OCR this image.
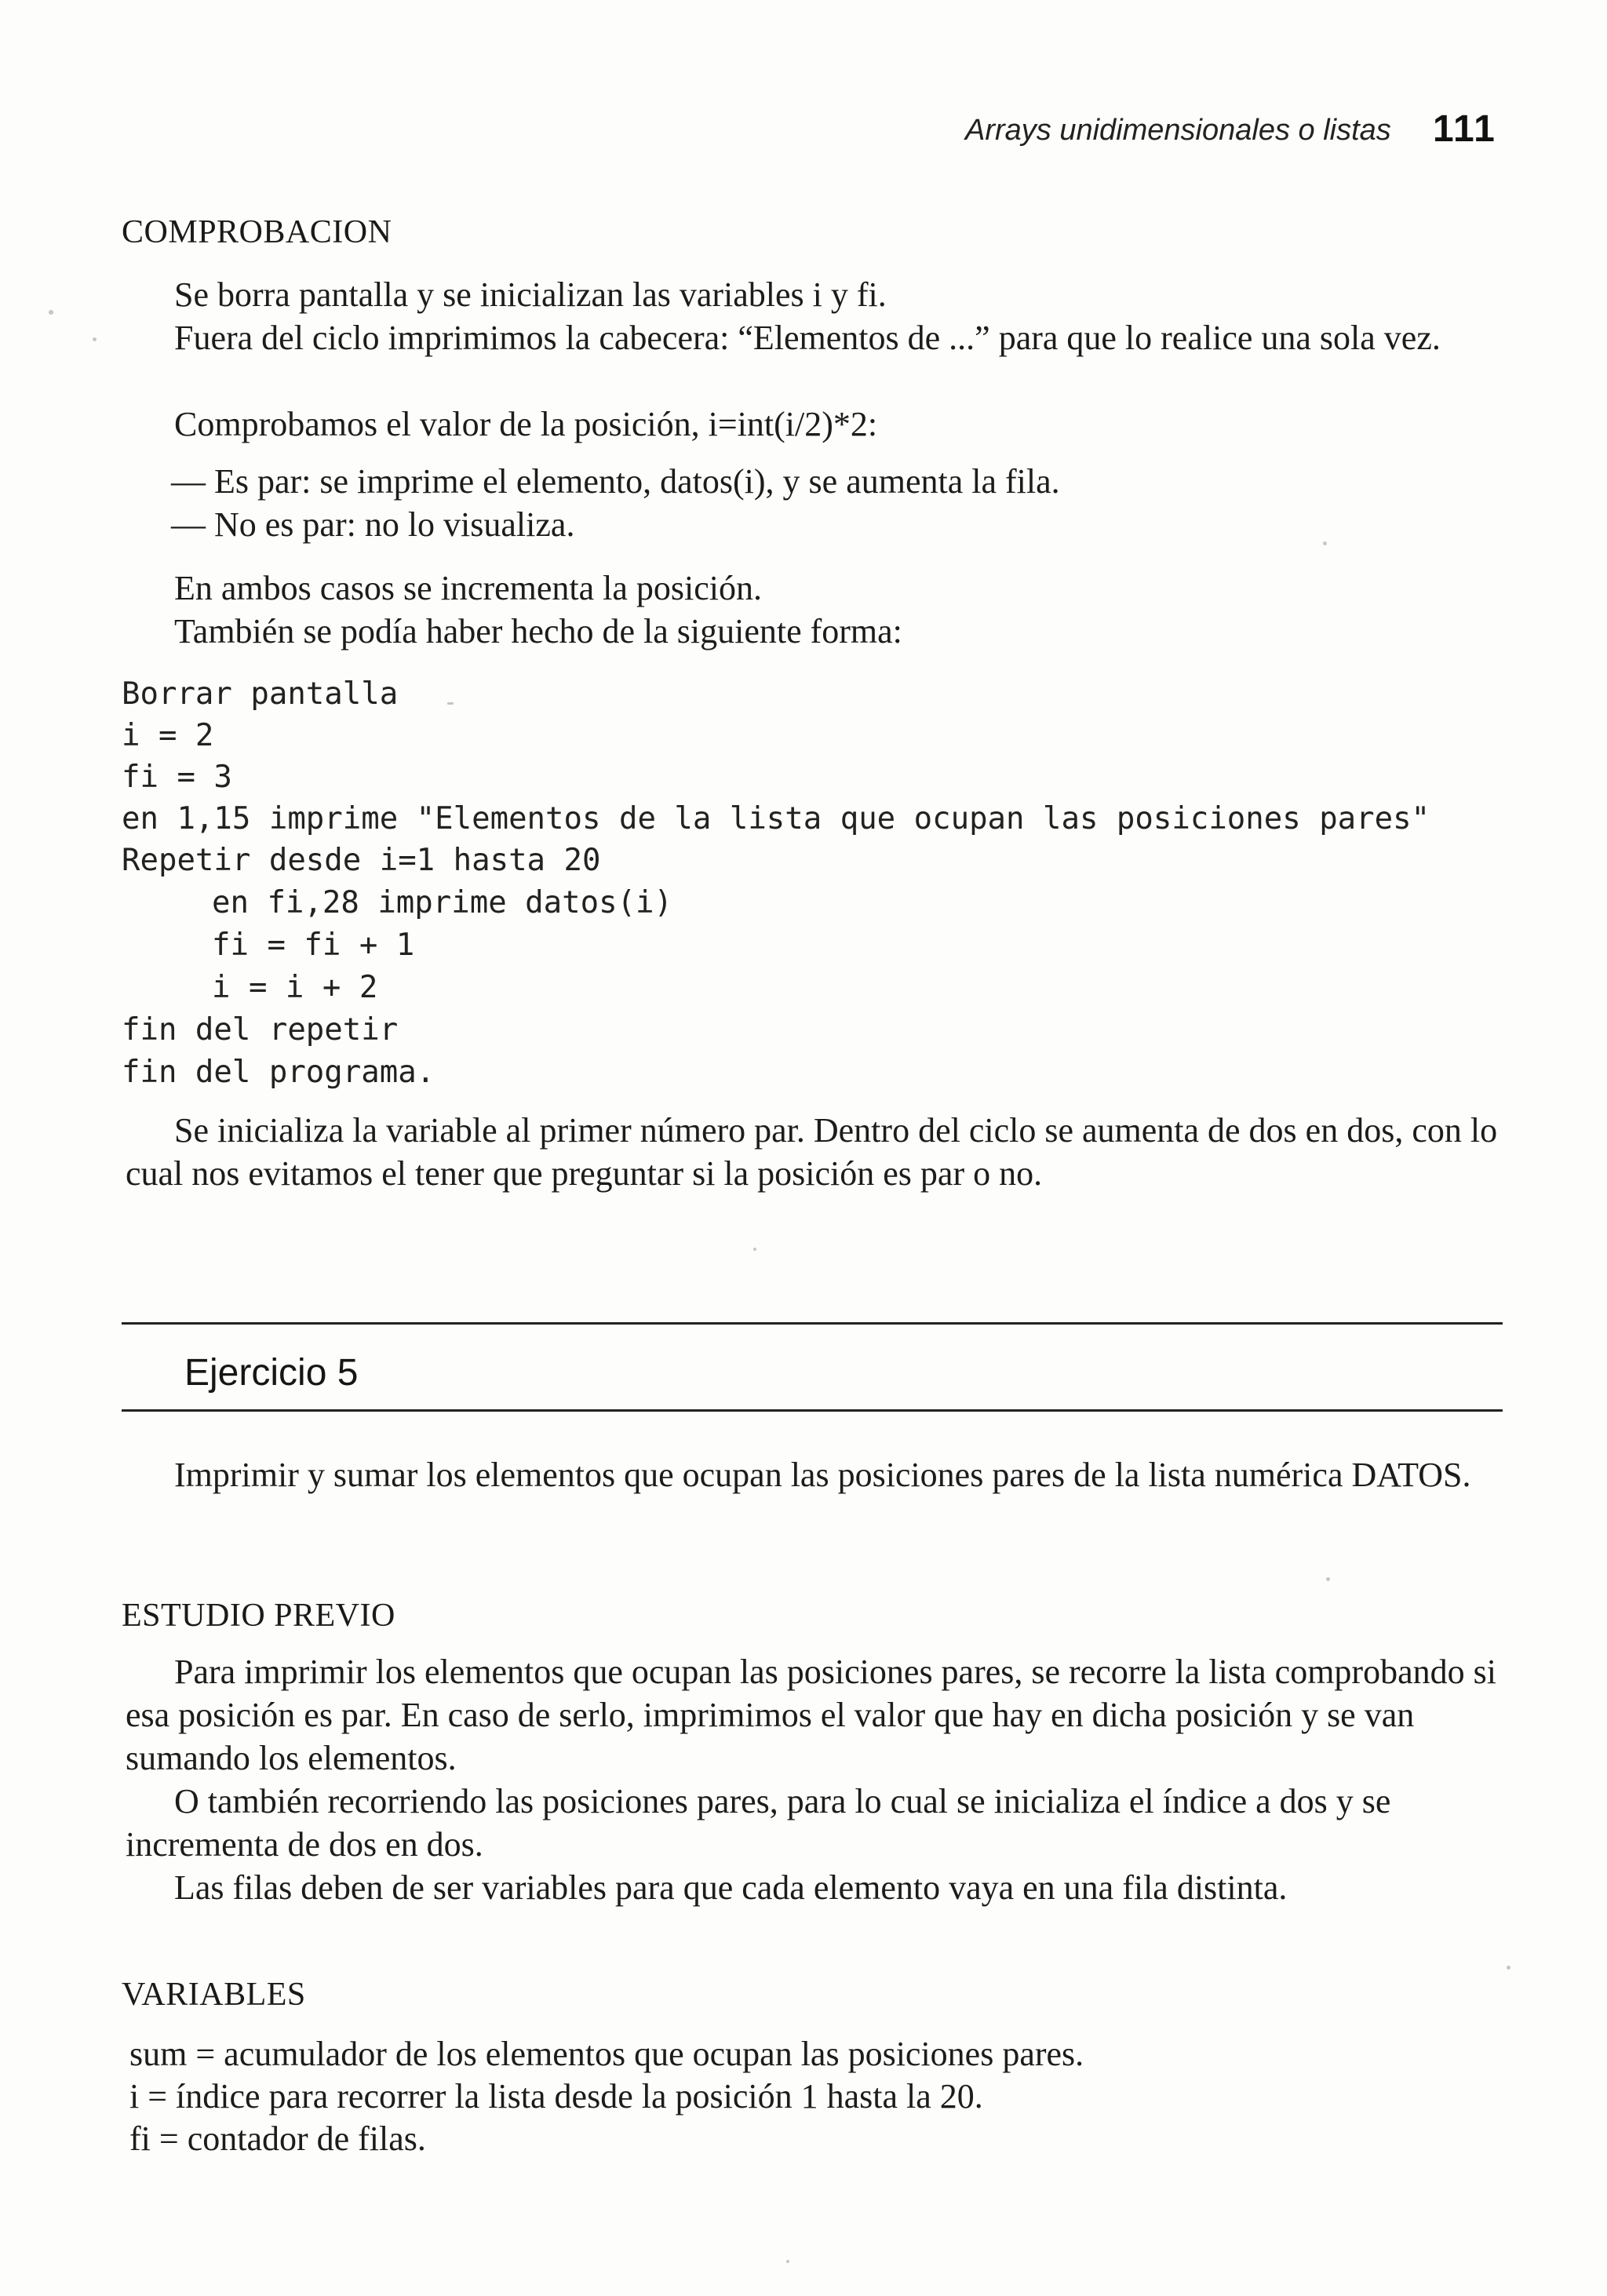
Arrays unidimensionales o listas 111
COMPROBACION

Se borra pantalla y se inicializan las variables i y fi.

Fuera del ciclo imprimimos la cabecera: “Elementos de ...” para que lo realice una sola vez.

Comprobamos el valor de la posición, i=int(i/2)*2:

— Es par: se imprime el elemento, datos(i), y se aumenta la fila.
— No es par: no lo visualiza.

En ambos casos se incrementa la posición.

También se podía haber hecho de la siguiente forma:

Borrar pantalla
i = 2
fi = 3
en 1,15 imprime "Elementos de la lista que ocupan las posiciones pares"
Repetir desde i=1 hasta 20
en fi,28 imprime datos(i)
fi = fi + 1
i = i + 2
fin del repetir
fin del programa.

Se inicializa la variable al primer número par. Dentro del ciclo se aumenta de dos en dos, con lo cual nos evitamos el tener que preguntar si la posición es par o no.

Ejercicio 5

Imprimir y sumar los elementos que ocupan las posiciones pares de la lista numérica DATOS.

ESTUDIO PREVIO

Para imprimir los elementos que ocupan las posiciones pares, se recorre la lista comprobando si esa posición es par. En caso de serlo, imprimimos el valor que hay en dicha posición y se van sumando los elementos.

O también recorriendo las posiciones pares, para lo cual se inicializa el índice a dos y se incrementa de dos en dos.

Las filas deben de ser variables para que cada elemento vaya en una fila distinta.

VARIABLES
sum = acumulador de los elementos que ocupan las posiciones pares.
i = índice para recorrer la lista desde la posición 1 hasta la 20.
fi = contador de filas.
